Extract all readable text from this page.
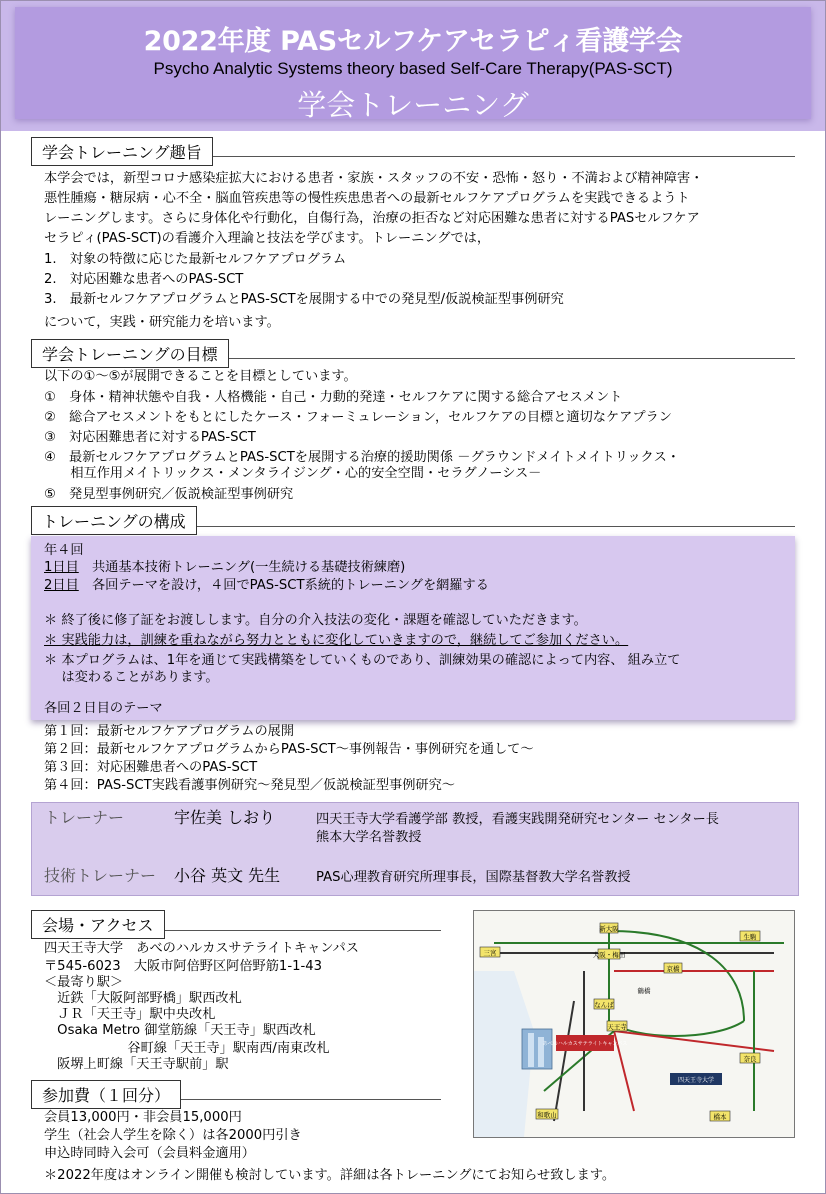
2022年度 PASセルフケアセラピィ看護学会
Psycho Analytic Systems theory based Self-Care Therapy(PAS-SCT)
学会トレーニング
学会トレーニング趣旨
本学会では，新型コロナ感染症拡大における患者・家族・スタッフの不安・恐怖・怒り・不満および精神障害・
悪性腫瘍・糖尿病・心不全・脳血管疾患等の慢性疾患患者への最新セルフケアプログラムを実践できるようト
レーニングします。さらに身体化や行動化，自傷行為，治療の拒否など対応困難な患者に対するPASセルフケア
セラピィ(PAS-SCT)の看護介入理論と技法を学びます。トレーニングでは，
1.　対象の特徴に応じた最新セルフケアプログラム
2.　対応困難な患者へのPAS-SCT
3.　最新セルフケアプログラムとPAS-SCTを展開する中での発見型/仮説検証型事例研究
について，実践・研究能力を培います。
学会トレーニングの目標
以下の①～⑤が展開できることを目標としています。
①　身体・精神状態や自我・人格機能・自己・力動的発達・セルフケアに関する総合アセスメント
②　総合アセスメントをもとにしたケース・フォーミュレーション，セルフケアの目標と適切なケアプラン
③　対応困難患者に対するPAS-SCT
④　最新セルフケアプログラムとPAS-SCTを展開する治療的援助関係 －グラウンドメイトメイトリックス・
　　相互作用メイトリックス・メンタライジング・心的安全空間・セラグノーシス－
⑤　発見型事例研究／仮説検証型事例研究
トレーニングの構成
年４回
1日目　共通基本技術トレーニング(一生続ける基礎技術練磨)
2日目　各回テーマを設け，４回でPAS-SCT系統的トレーニングを網羅する
＊ 終了後に修了証をお渡しします。自分の介入技法の変化・課題を確認していただきます。
＊ 実践能力は，訓練を重ねながら努力とともに変化していきますので，継続してご参加ください。
＊ 本プログラムは、1年を通じて実践構築をしていくものであり、訓練効果の確認によって内容、 組み立て
　 は変わることがあります。
各回２日目のテーマ
第１回：最新セルフケアプログラムの展開
第２回：最新セルフケアプログラムからPAS-SCT～事例報告・事例研究を通して～
第３回：対応困難患者へのPAS-SCT
第４回：PAS-SCT実践看護事例研究～発見型／仮説検証型事例研究～
トレーナー	宇佐美 しおり	四天王寺大学看護学部 教授，看護実践開発研究センター センター長
熊本大学名誉教授
技術トレーナー 小谷 英文 先生	PAS心理教育研究所理事長，国際基督教大学名誉教授
会場・アクセス
四天王寺大学　あべのハルカスサテライトキャンパス
〒545-6023　大阪市阿倍野区阿倍野筋1-1-43
＜最寄り駅＞
　近鉄「大阪阿部野橋」駅西改札
　ＪＲ「天王寺」駅中央改札
　Osaka Metro 御堂筋線「天王寺」駅西改札
　　　　　　 谷町線「天王寺」駅南西/南東改札
　阪堺上町線「天王寺駅前」駅
参加費（１回分）
会員13,000円・非会員15,000円
学生（社会人学生を除く）は各2000円引き
申込時同時入会可（会員料金適用）
＊2022年度はオンライン開催も検討しています。詳細は各トレーニングにてお知らせ致します。
新大阪
大阪・梅田
京橋
なんば
天王寺
三宮
和歌山	橋本
生駒
奈良
鶴橋
あべのハルカスサテライトキャンパス
四天王寺大学
